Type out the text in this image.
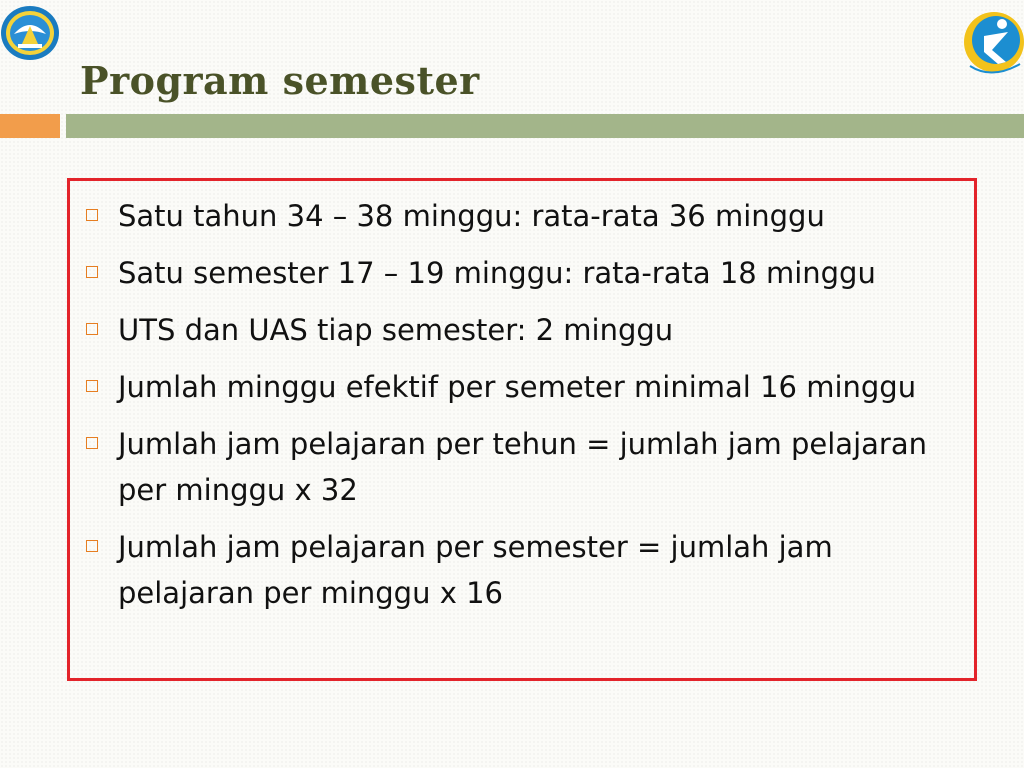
Program semester
Satu tahun 34 – 38 minggu: rata-rata 36 minggu
Satu semester 17 – 19 minggu: rata-rata 18 minggu
UTS dan UAS tiap semester: 2 minggu
Jumlah minggu efektif per semeter minimal 16 minggu
Jumlah jam pelajaran per tehun = jumlah jam pelajaran per minggu x 32
Jumlah jam pelajaran per semester = jumlah jam pelajaran per minggu x 16
